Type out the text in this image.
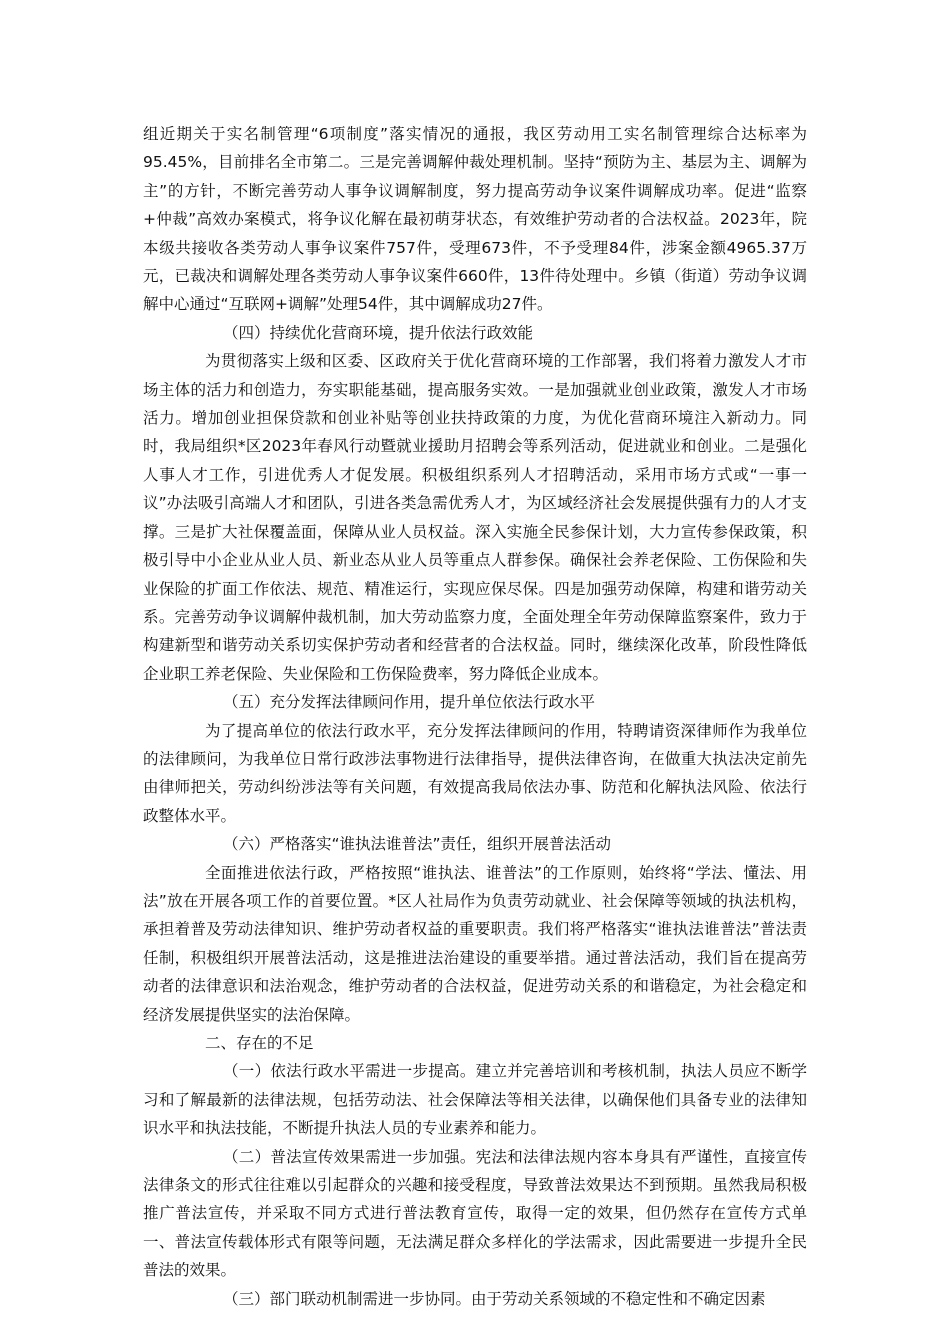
组近期关于实名制管理“6项制度”落实情况的通报，我区劳动用工实名制管理综合达标率为95.45%，目前排名全市第二。三是完善调解仲裁处理机制。坚持“预防为主、基层为主、调解为主”的方针，不断完善劳动人事争议调解制度，努力提高劳动争议案件调解成功率。促进“监察+仲裁”高效办案模式，将争议化解在最初萌芽状态，有效维护劳动者的合法权益。2023年，院本级共接收各类劳动人事争议案件757件，受理673件，不予受理84件，涉案金额4965.37万元，已裁决和调解处理各类劳动人事争议案件660件，13件待处理中。乡镇（街道）劳动争议调解中心通过“互联网+调解”处理54件，其中调解成功27件。

（四）持续优化营商环境，提升依法行政效能

为贯彻落实上级和区委、区政府关于优化营商环境的工作部署，我们将着力激发人才市场主体的活力和创造力，夯实职能基础，提高服务实效。一是加强就业创业政策，激发人才市场活力。增加创业担保贷款和创业补贴等创业扶持政策的力度，为优化营商环境注入新动力。同时，我局组织*区2023年春风行动暨就业援助月招聘会等系列活动，促进就业和创业。二是强化人事人才工作，引进优秀人才促发展。积极组织系列人才招聘活动，采用市场方式或“一事一议”办法吸引高端人才和团队，引进各类急需优秀人才，为区域经济社会发展提供强有力的人才支撑。三是扩大社保覆盖面，保障从业人员权益。深入实施全民参保计划，大力宣传参保政策，积极引导中小企业从业人员、新业态从业人员等重点人群参保。确保社会养老保险、工伤保险和失业保险的扩面工作依法、规范、精准运行，实现应保尽保。四是加强劳动保障，构建和谐劳动关系。完善劳动争议调解仲裁机制，加大劳动监察力度，全面处理全年劳动保障监察案件，致力于构建新型和谐劳动关系切实保护劳动者和经营者的合法权益。同时，继续深化改革，阶段性降低企业职工养老保险、失业保险和工伤保险费率，努力降低企业成本。

（五）充分发挥法律顾问作用，提升单位依法行政水平

为了提高单位的依法行政水平，充分发挥法律顾问的作用，特聘请资深律师作为我单位的法律顾问，为我单位日常行政涉法事物进行法律指导，提供法律咨询，在做重大执法决定前先由律师把关，劳动纠纷涉法等有关问题，有效提高我局依法办事、防范和化解执法风险、依法行政整体水平。

（六）严格落实“谁执法谁普法”责任，组织开展普法活动

全面推进依法行政，严格按照“谁执法、谁普法”的工作原则，始终将“学法、懂法、用法”放在开展各项工作的首要位置。*区人社局作为负责劳动就业、社会保障等领域的执法机构，承担着普及劳动法律知识、维护劳动者权益的重要职责。我们将严格落实“谁执法谁普法”普法责任制，积极组织开展普法活动，这是推进法治建设的重要举措。通过普法活动，我们旨在提高劳动者的法律意识和法治观念，维护劳动者的合法权益，促进劳动关系的和谐稳定，为社会稳定和经济发展提供坚实的法治保障。

二、存在的不足

（一）依法行政水平需进一步提高。建立并完善培训和考核机制，执法人员应不断学习和了解最新的法律法规，包括劳动法、社会保障法等相关法律，以确保他们具备专业的法律知识水平和执法技能，不断提升执法人员的专业素养和能力。

（二）普法宣传效果需进一步加强。宪法和法律法规内容本身具有严谨性，直接宣传法律条文的形式往往难以引起群众的兴趣和接受程度，导致普法效果达不到预期。虽然我局积极推广普法宣传，并采取不同方式进行普法教育宣传，取得一定的效果，但仍然存在宣传方式单一、普法宣传载体形式有限等问题，无法满足群众多样化的学法需求，因此需要进一步提升全民普法的效果。

（三）部门联动机制需进一步协同。由于劳动关系领域的不稳定性和不确定因素
